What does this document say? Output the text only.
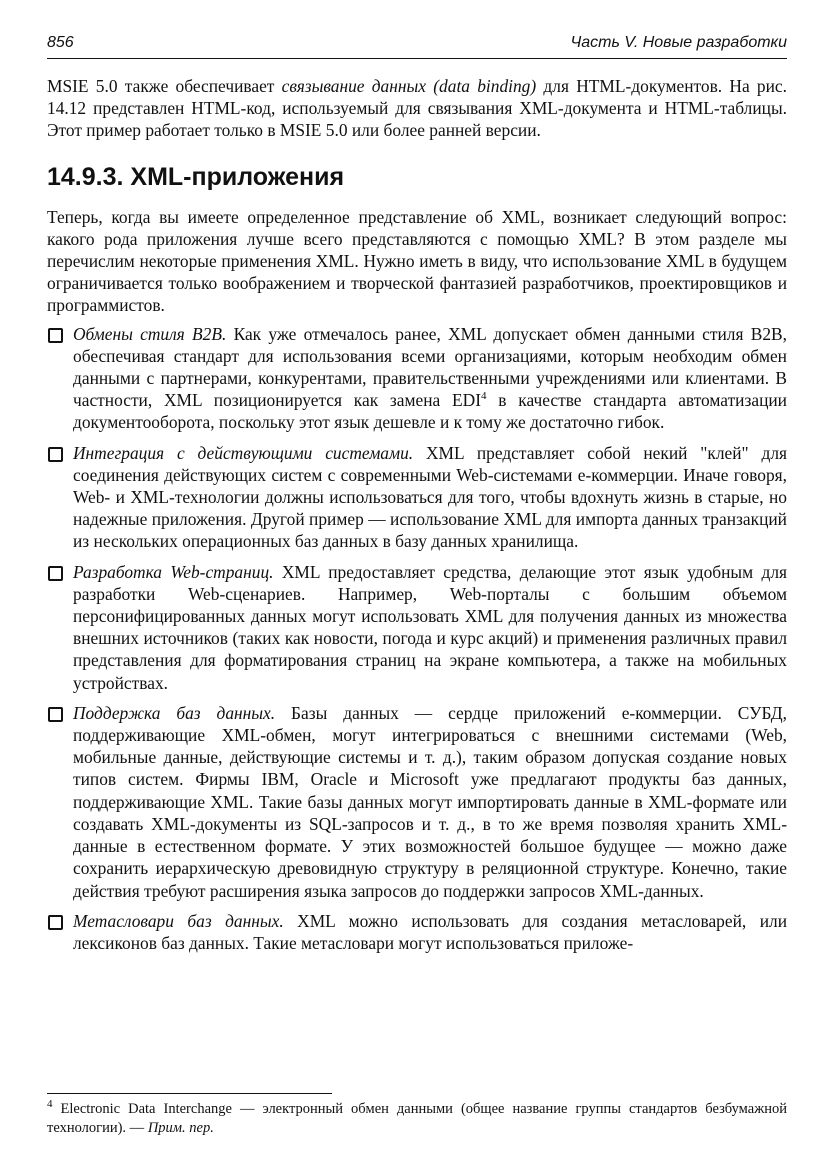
856	Часть V. Новые разработки

MSIE 5.0 также обеспечивает связывание данных (data binding) для HTML-документов. На рис. 14.12 представлен HTML-код, используемый для связывания XML-документа и HTML-таблицы. Этот пример работает только в MSIE 5.0 или более ранней версии.

14.9.3. XML-приложения

Теперь, когда вы имеете определенное представление об XML, возникает следующий вопрос: какого рода приложения лучше всего представляются с помощью XML? В этом разделе мы перечислим некоторые применения XML. Нужно иметь в виду, что использование XML в будущем ограничивается только воображением и творческой фантазией разработчиков, проектировщиков и программистов.

Обмены стиля B2B. Как уже отмечалось ранее, XML допускает обмен данными стиля B2B, обеспечивая стандарт для использования всеми организациями, которым необходим обмен данными с партнерами, конкурентами, правительственными учреждениями или клиентами. В частности, XML позиционируется как замена EDI$^4$ в качестве стандарта автоматизации документооборота, поскольку этот язык дешевле и к тому же достаточно гибок.
Интеграция с действующими системами. XML представляет собой некий "клей" для соединения действующих систем с современными Web-системами е-коммерции. Иначе говоря, Web- и XML-технологии должны использоваться для того, чтобы вдохнуть жизнь в старые, но надежные приложения. Другой пример — использование XML для импорта данных транзакций из нескольких операционных баз данных в базу данных хранилища.
Разработка Web-страниц. XML предоставляет средства, делающие этот язык удобным для разработки Web-сценариев. Например, Web-порталы с большим объемом персонифицированных данных могут использовать XML для получения данных из множества внешних источников (таких как новости, погода и курс акций) и применения различных правил представления для форматирования страниц на экране компьютера, а также на мобильных устройствах.
Поддержка баз данных. Базы данных — сердце приложений е-коммерции. СУБД, поддерживающие XML-обмен, могут интегрироваться с внешними системами (Web, мобильные данные, действующие системы и т. д.), таким образом допуская создание новых типов систем. Фирмы IBM, Oracle и Microsoft уже предлагают продукты баз данных, поддерживающие XML. Такие базы данных могут импортировать данные в XML-формате или создавать XML-документы из SQL-запросов и т. д., в то же время позволяя хранить XML-данные в естественном формате. У этих возможностей большое будущее — можно даже сохранить иерархическую древовидную структуру в реляционной структуре. Конечно, такие действия требуют расширения языка запросов до поддержки запросов XML-данных.
Метасловари баз данных. XML можно использовать для создания метасловарей, или лексиконов баз данных. Такие метасловари могут использоваться приложе-

$^4$ Electronic Data Interchange — электронный обмен данными (общее название группы стандартов безбумажной технологии). — Прим. пер.
